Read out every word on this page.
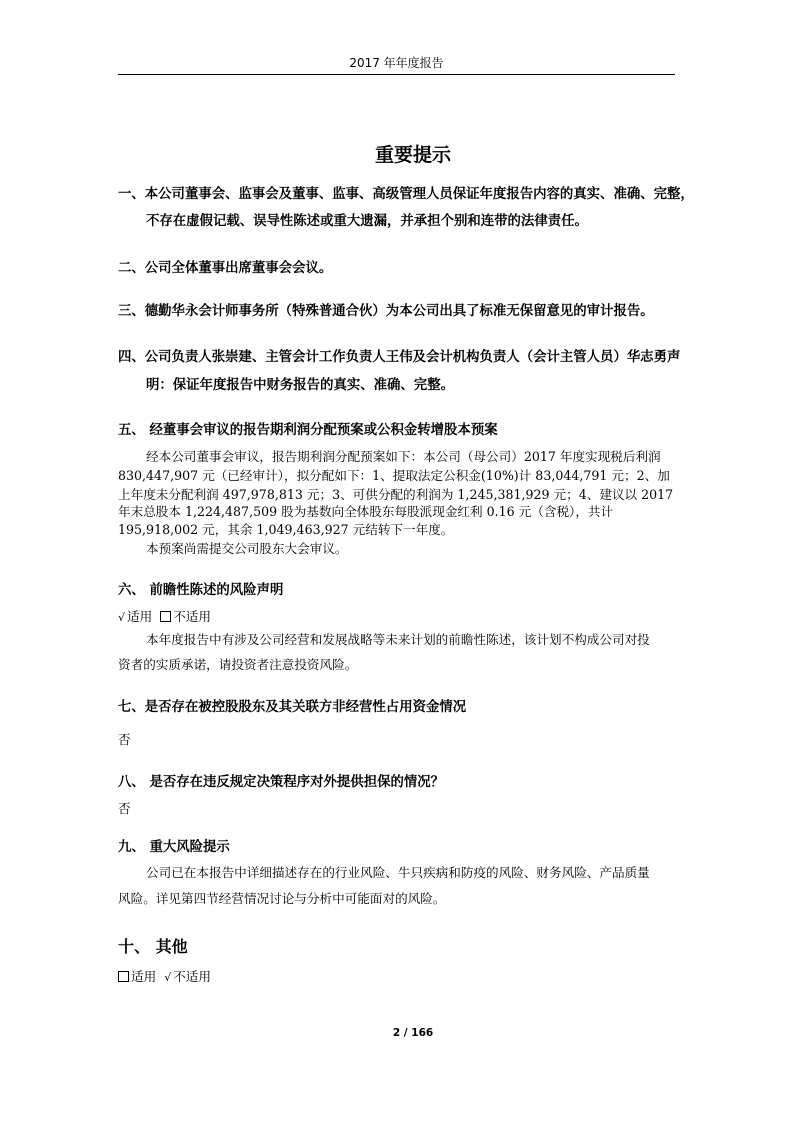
2017 年年度报告
重要提示
一、本公司董事会、监事会及董事、监事、高级管理人员保证年度报告内容的真实、准确、完整，
不存在虚假记载、误导性陈述或重大遗漏，并承担个别和连带的法律责任。
二、公司全体董事出席董事会会议。
三、德勤华永会计师事务所（特殊普通合伙）为本公司出具了标准无保留意见的审计报告。
四、公司负责人张崇建、主管会计工作负责人王伟及会计机构负责人（会计主管人员）华志勇声
明：保证年度报告中财务报告的真实、准确、完整。
五、 经董事会审议的报告期利润分配预案或公积金转增股本预案
经本公司董事会审议，报告期利润分配预案如下：本公司（母公司）2017 年度实现税后利润
830,447,907 元（已经审计），拟分配如下：1、提取法定公积金(10%)计 83,044,791 元；2、加
上年度未分配利润 497,978,813 元；3、可供分配的利润为 1,245,381,929 元；4、建议以 2017
年末总股本 1,224,487,509 股为基数向全体股东每股派现金红利 0.16 元（含税），共计
195,918,002 元，其余 1,049,463,927 元结转下一年度。
本预案尚需提交公司股东大会审议。
六、 前瞻性陈述的风险声明
√ 适用 不适用
本年度报告中有涉及公司经营和发展战略等未来计划的前瞻性陈述，该计划不构成公司对投
资者的实质承诺，请投资者注意投资风险。
七、是否存在被控股股东及其关联方非经营性占用资金情况
否
八、 是否存在违反规定决策程序对外提供担保的情况？
否
九、 重大风险提示
公司已在本报告中详细描述存在的行业风险、牛只疾病和防疫的风险、财务风险、产品质量
风险。详见第四节经营情况讨论与分析中可能面对的风险。
十、 其他
适用 √ 不适用
2 / 166
